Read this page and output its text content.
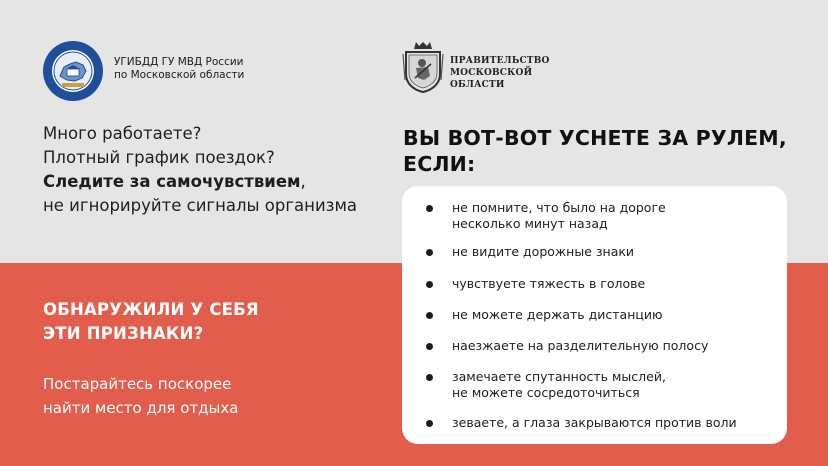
УГИБДД ГУ МВД России
по Московской области
ПРАВИТЕЛЬСТВО
МОСКОВСКОЙ
ОБЛАСТИ
Много работаете?
Плотный график поездок?
Следите за самочувствием,
не игнорируйте сигналы организма
ВЫ ВОТ-ВОТ УСНЕТЕ ЗА РУЛЕМ,
ЕСЛИ:
не помните, что было на дороге
несколько минут назад
не видите дорожные знаки
чувствуете тяжесть в голове
не можете держать дистанцию
наезжаете на разделительную полосу
замечаете спутанность мыслей,
не можете сосредоточиться
зеваете, а глаза закрываются против воли
ОБНАРУЖИЛИ У СЕБЯ
ЭТИ ПРИЗНАКИ?
Постарайтесь поскорее
найти место для отдыха
